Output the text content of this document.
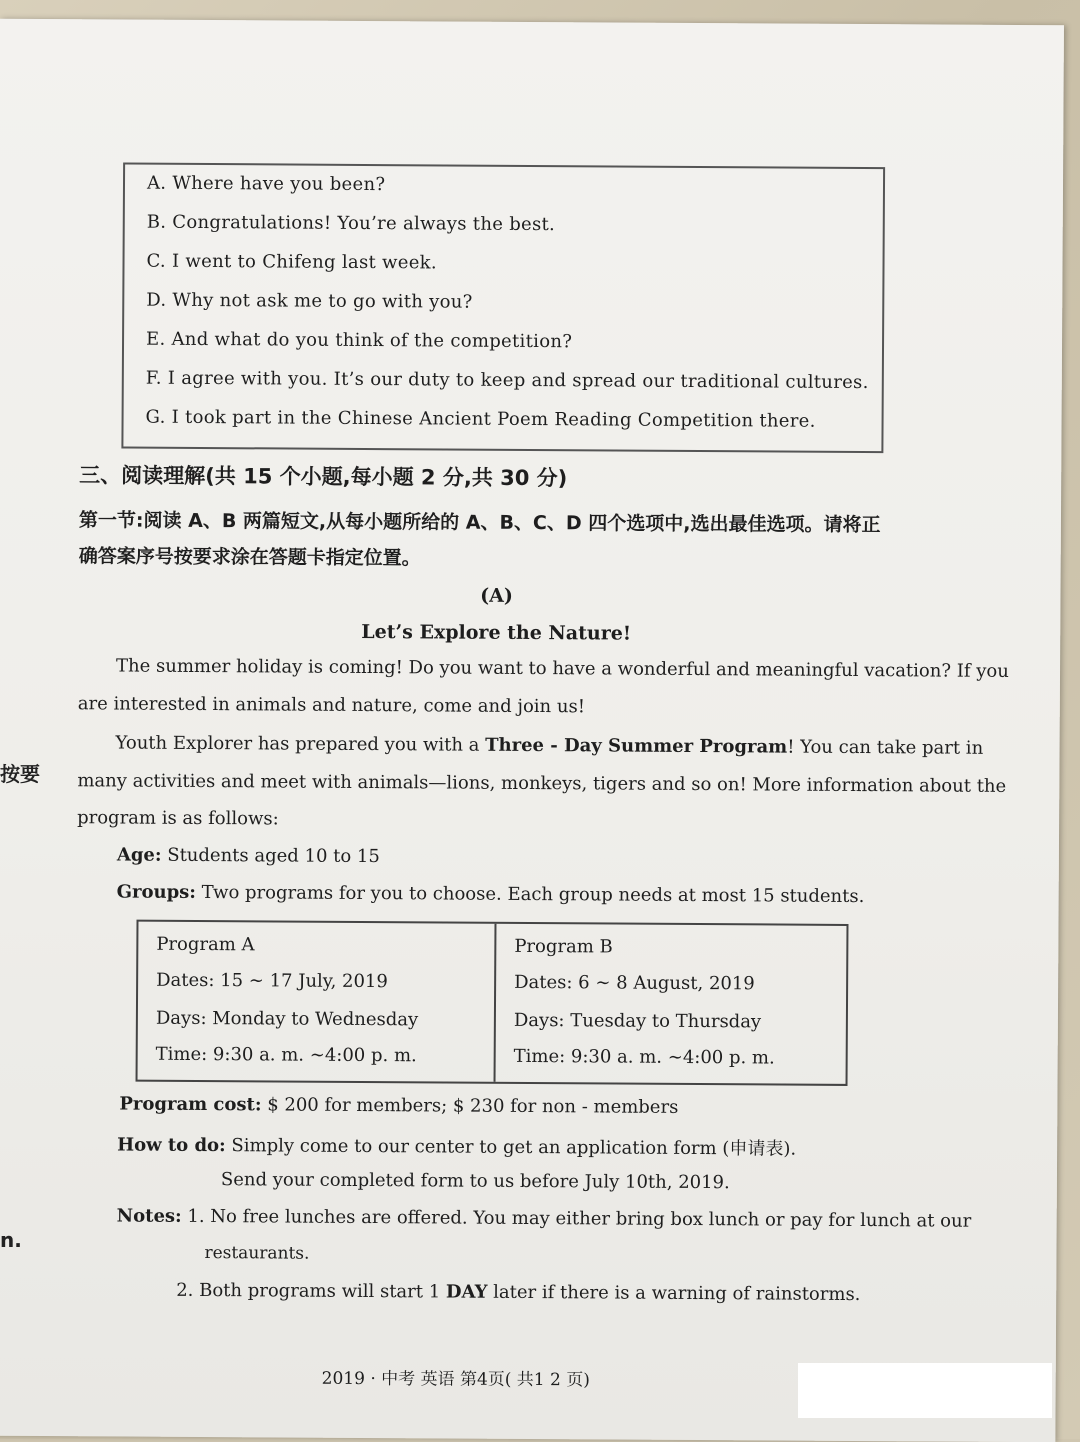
A. Where have you been?
B. Congratulations! You’re always the best.
C. I went to Chifeng last week.
D. Why not ask me to go with you?
E. And what do you think of the competition?
F. I agree with you. It’s our duty to keep and spread our traditional cultures.
G. I took part in the Chinese Ancient Poem Reading Competition there.
三、阅读理解(共 15 个小题,每小题 2 分,共 30 分)
第一节:阅读 A、B 两篇短文,从每小题所给的 A、B、C、D 四个选项中,选出最佳选项。请将正
确答案序号按要求涂在答题卡指定位置。
(A)
Let’s Explore the Nature!
The summer holiday is coming! Do you want to have a wonderful and meaningful vacation? If you
are interested in animals and nature, come and join us!
Youth Explorer has prepared you with a Three - Day Summer Program! You can take part in
many activities and meet with animals—lions, monkeys, tigers and so on! More information about the
program is as follows:
Age: Students aged 10 to 15
Groups: Two programs for you to choose. Each group needs at most 15 students.
Program A
Dates: 15 ~ 17 July, 2019
Days: Monday to Wednesday
Time: 9:30 a. m. ~4:00 p. m.
Program B
Dates: 6 ~ 8 August, 2019
Days: Tuesday to Thursday
Time: 9:30 a. m. ~4:00 p. m.
Program cost: $ 200 for members; $ 230 for non - members
How to do: Simply come to our center to get an application form (申请表).
Send your completed form to us before July 10th, 2019.
Notes: 1. No free lunches are offered. You may either bring box lunch or pay for lunch at our
restaurants.
2. Both programs will start 1 DAY later if there is a warning of rainstorms.
2019 · 中考 英语 第4页( 共1 2 页)
按要
n.
